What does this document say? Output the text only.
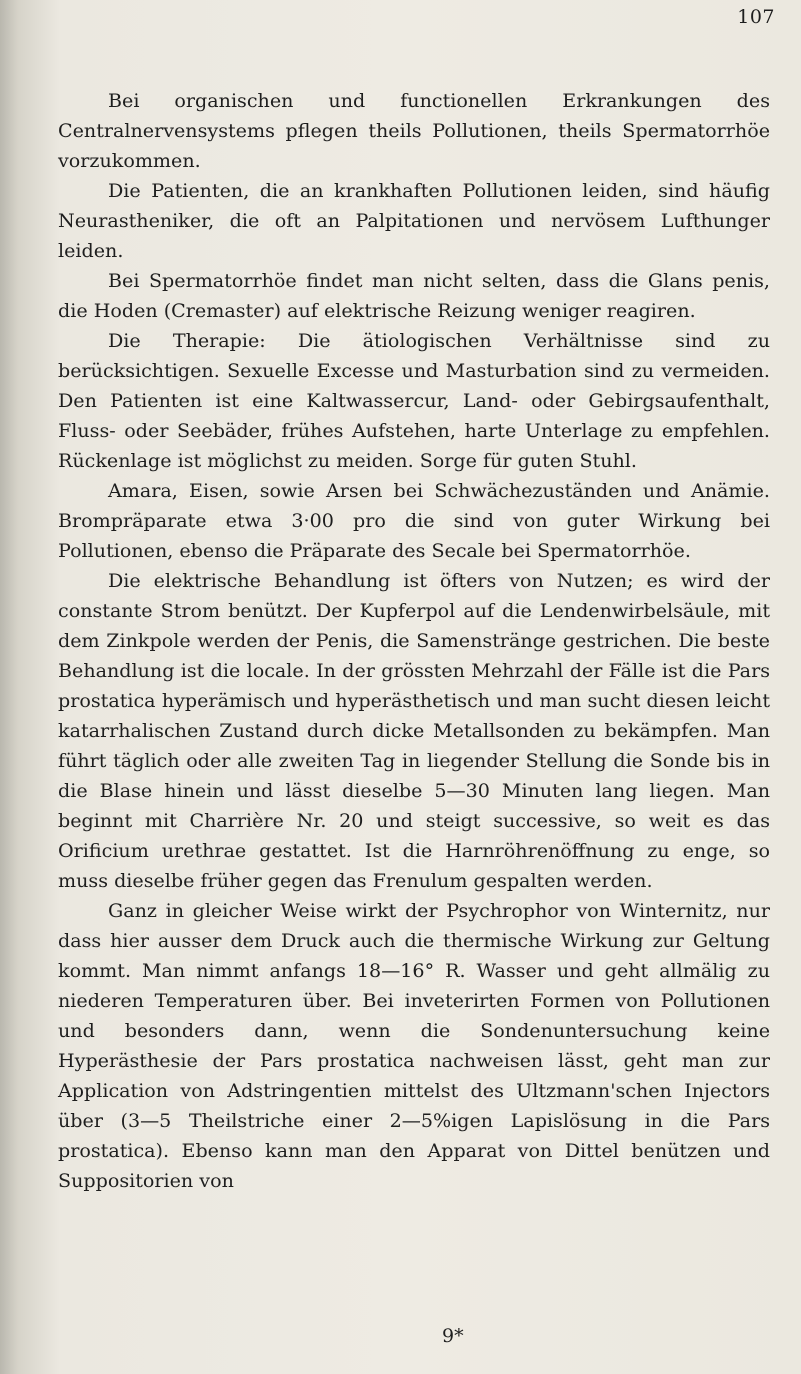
107

Bei organischen und functionellen Erkrankungen des Centralnervensystems pflegen theils Pollutionen, theils Spermatorrhöe vorzukommen.

Die Patienten, die an krankhaften Pollutionen leiden, sind häufig Neurastheniker, die oft an Palpitationen und nervösem Lufthunger leiden.

Bei Spermatorrhöe findet man nicht selten, dass die Glans penis, die Hoden (Cremaster) auf elektrische Reizung weniger reagiren.

Die Therapie: Die ätiologischen Verhältnisse sind zu berücksichtigen. Sexuelle Excesse und Masturbation sind zu vermeiden. Den Patienten ist eine Kaltwassercur, Land- oder Gebirgsaufenthalt, Fluss- oder Seebäder, frühes Aufstehen, harte Unterlage zu empfehlen. Rückenlage ist möglichst zu meiden. Sorge für guten Stuhl.

Amara, Eisen, sowie Arsen bei Schwächezuständen und Anämie. Brompräparate etwa 3·00 pro die sind von guter Wirkung bei Pollutionen, ebenso die Präparate des Secale bei Spermatorrhöe.

Die elektrische Behandlung ist öfters von Nutzen; es wird der constante Strom benützt. Der Kupferpol auf die Lendenwirbelsäule, mit dem Zinkpole werden der Penis, die Samenstränge gestrichen. Die beste Behandlung ist die locale. In der grössten Mehrzahl der Fälle ist die Pars prostatica hyperämisch und hyperästhetisch und man sucht diesen leicht katarrhalischen Zustand durch dicke Metallsonden zu bekämpfen. Man führt täglich oder alle zweiten Tag in liegender Stellung die Sonde bis in die Blase hinein und lässt dieselbe 5—30 Minuten lang liegen. Man beginnt mit Charrière Nr. 20 und steigt successive, so weit es das Orificium urethrae gestattet. Ist die Harnröhrenöffnung zu enge, so muss dieselbe früher gegen das Frenulum gespalten werden.

Ganz in gleicher Weise wirkt der Psychrophor von Winternitz, nur dass hier ausser dem Druck auch die thermische Wirkung zur Geltung kommt. Man nimmt anfangs 18—16° R. Wasser und geht allmälig zu niederen Temperaturen über. Bei inveterirten Formen von Pollutionen und besonders dann, wenn die Sondenuntersuchung keine Hyperästhesie der Pars prostatica nachweisen lässt, geht man zur Application von Adstringentien mittelst des Ultzmann'schen Injectors über (3—5 Theilstriche einer 2—5%igen Lapislösung in die Pars prostatica). Ebenso kann man den Apparat von Dittel benützen und Suppositorien von

9*
